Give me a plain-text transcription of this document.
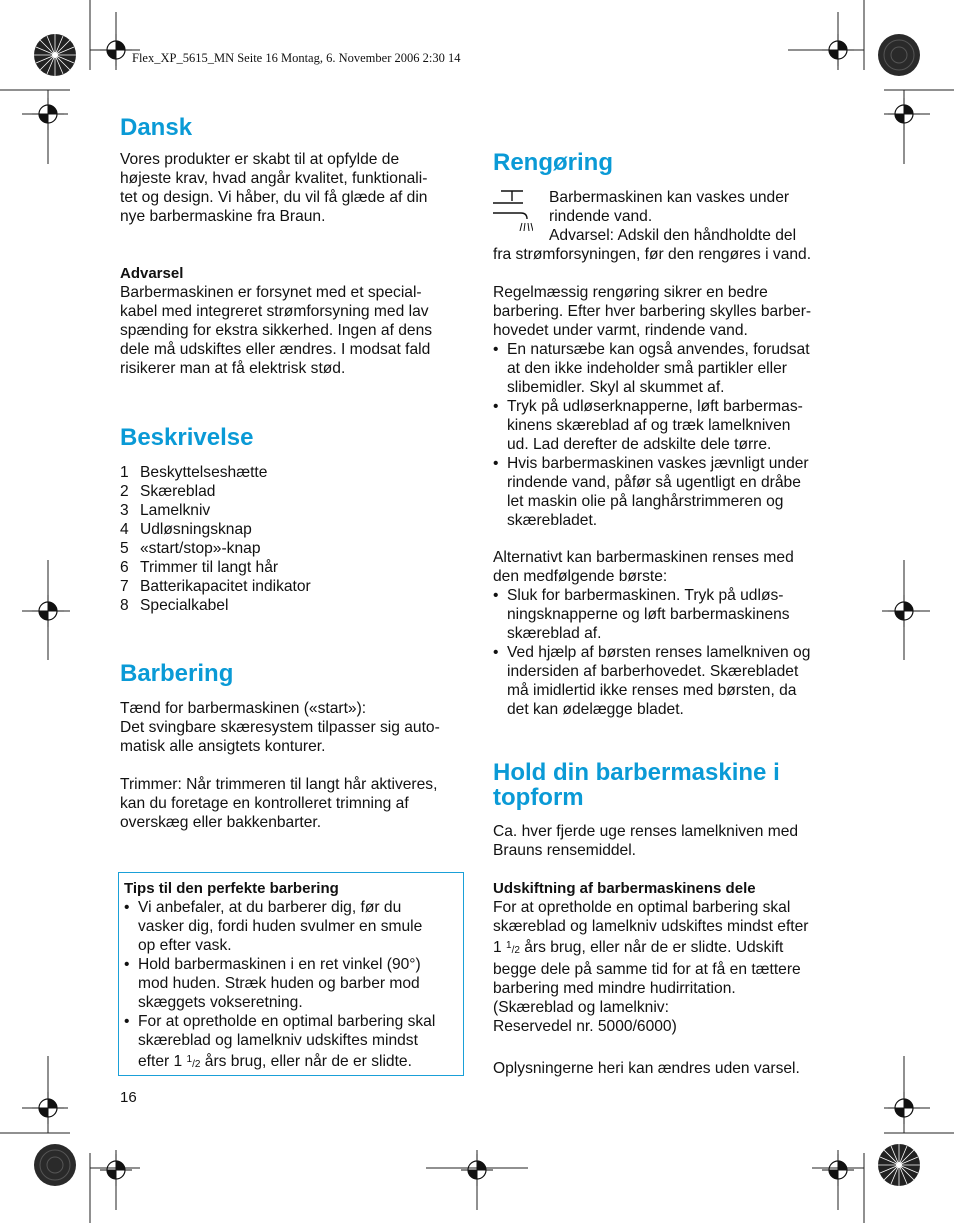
Flex_XP_5615_MN Seite 16 Montag, 6. November 2006 2:30 14
Dansk

Vores produkter er skabt til at opfylde de

højeste krav, hvad angår kvalitet, funktionali-

tet og design. Vi håber, du vil få glæde af din

nye barbermaskine fra Braun.

Advarsel

Barbermaskinen er forsynet med et special-

kabel med integreret strømforsyning med lav

spænding for ekstra sikkerhed. Ingen af dens

dele må udskiftes eller ændres. I modsat fald

risikerer man at få elektrisk stød.

Beskrivelse
1 Beskyttelseshætte
2 Skæreblad
3 Lamelkniv
4 Udløsningsknap
5 «start/stop»-knap
6 Trimmer til langt hår
7 Batterikapacitet indikator
8 Specialkabel
Barbering

Tænd for barbermaskinen («start»):

Det svingbare skæresystem tilpasser sig auto-

matisk alle ansigtets konturer.

Trimmer: Når trimmeren til langt hår aktiveres,

kan du foretage en kontrolleret trimning af

overskæg eller bakkenbarter.

Tips til den perfekte barbering

• Vi anbefaler, at du barberer dig, før du
vasker dig, fordi huden svulmer en smule
op efter vask.
• Hold barbermaskinen i en ret vinkel (90°)
mod huden. Stræk huden og barber mod
skæggets vokseretning.
• For at opretholde en optimal barbering skal
skæreblad og lamelkniv udskiftes mindst
efter 1 $^1$/2 års brug, eller når de er slidte.
16
Rengøring

Barbermaskinen kan vaskes under

rindende vand.

Advarsel: Adskil den håndholdte del

fra strømforsyningen, før den rengøres i vand.

Regelmæssig rengøring sikrer en bedre

barbering. Efter hver barbering skylles barber-

hovedet under varmt, rindende vand.

• En natursæbe kan også anvendes, forudsat
at den ikke indeholder små partikler eller
slibemidler. Skyl al skummet af.
• Tryk på udløserknapperne, løft barbermas-
kinens skæreblad af og træk lamelkniven
ud. Lad derefter de adskilte dele tørre.
• Hvis barbermaskinen vaskes jævnligt under
rindende vand, påfør så ugentligt en dråbe
let maskin olie på langhårstrimmeren og
skærebladet.

Alternativt kan barbermaskinen renses med

den medfølgende børste:

• Sluk for barbermaskinen. Tryk på udløs-
ningsknapperne og løft barbermaskinens
skæreblad af.
• Ved hjælp af børsten renses lamelkniven og
indersiden af barberhovedet. Skærebladet
må imidlertid ikke renses med børsten, da
det kan ødelægge bladet.
Hold din barbermaskine i
topform

Ca. hver fjerde uge renses lamelkniven med

Brauns rensemiddel.

Udskiftning af barbermaskinens dele

For at opretholde en optimal barbering skal

skæreblad og lamelkniv udskiftes mindst efter

1 $^1$/2 års brug, eller når de er slidte. Udskift

begge dele på samme tid for at få en tættere

barbering med mindre hudirritation.

(Skæreblad og lamelkniv:

Reservedel nr. 5000/6000)

Oplysningerne heri kan ændres uden varsel.
